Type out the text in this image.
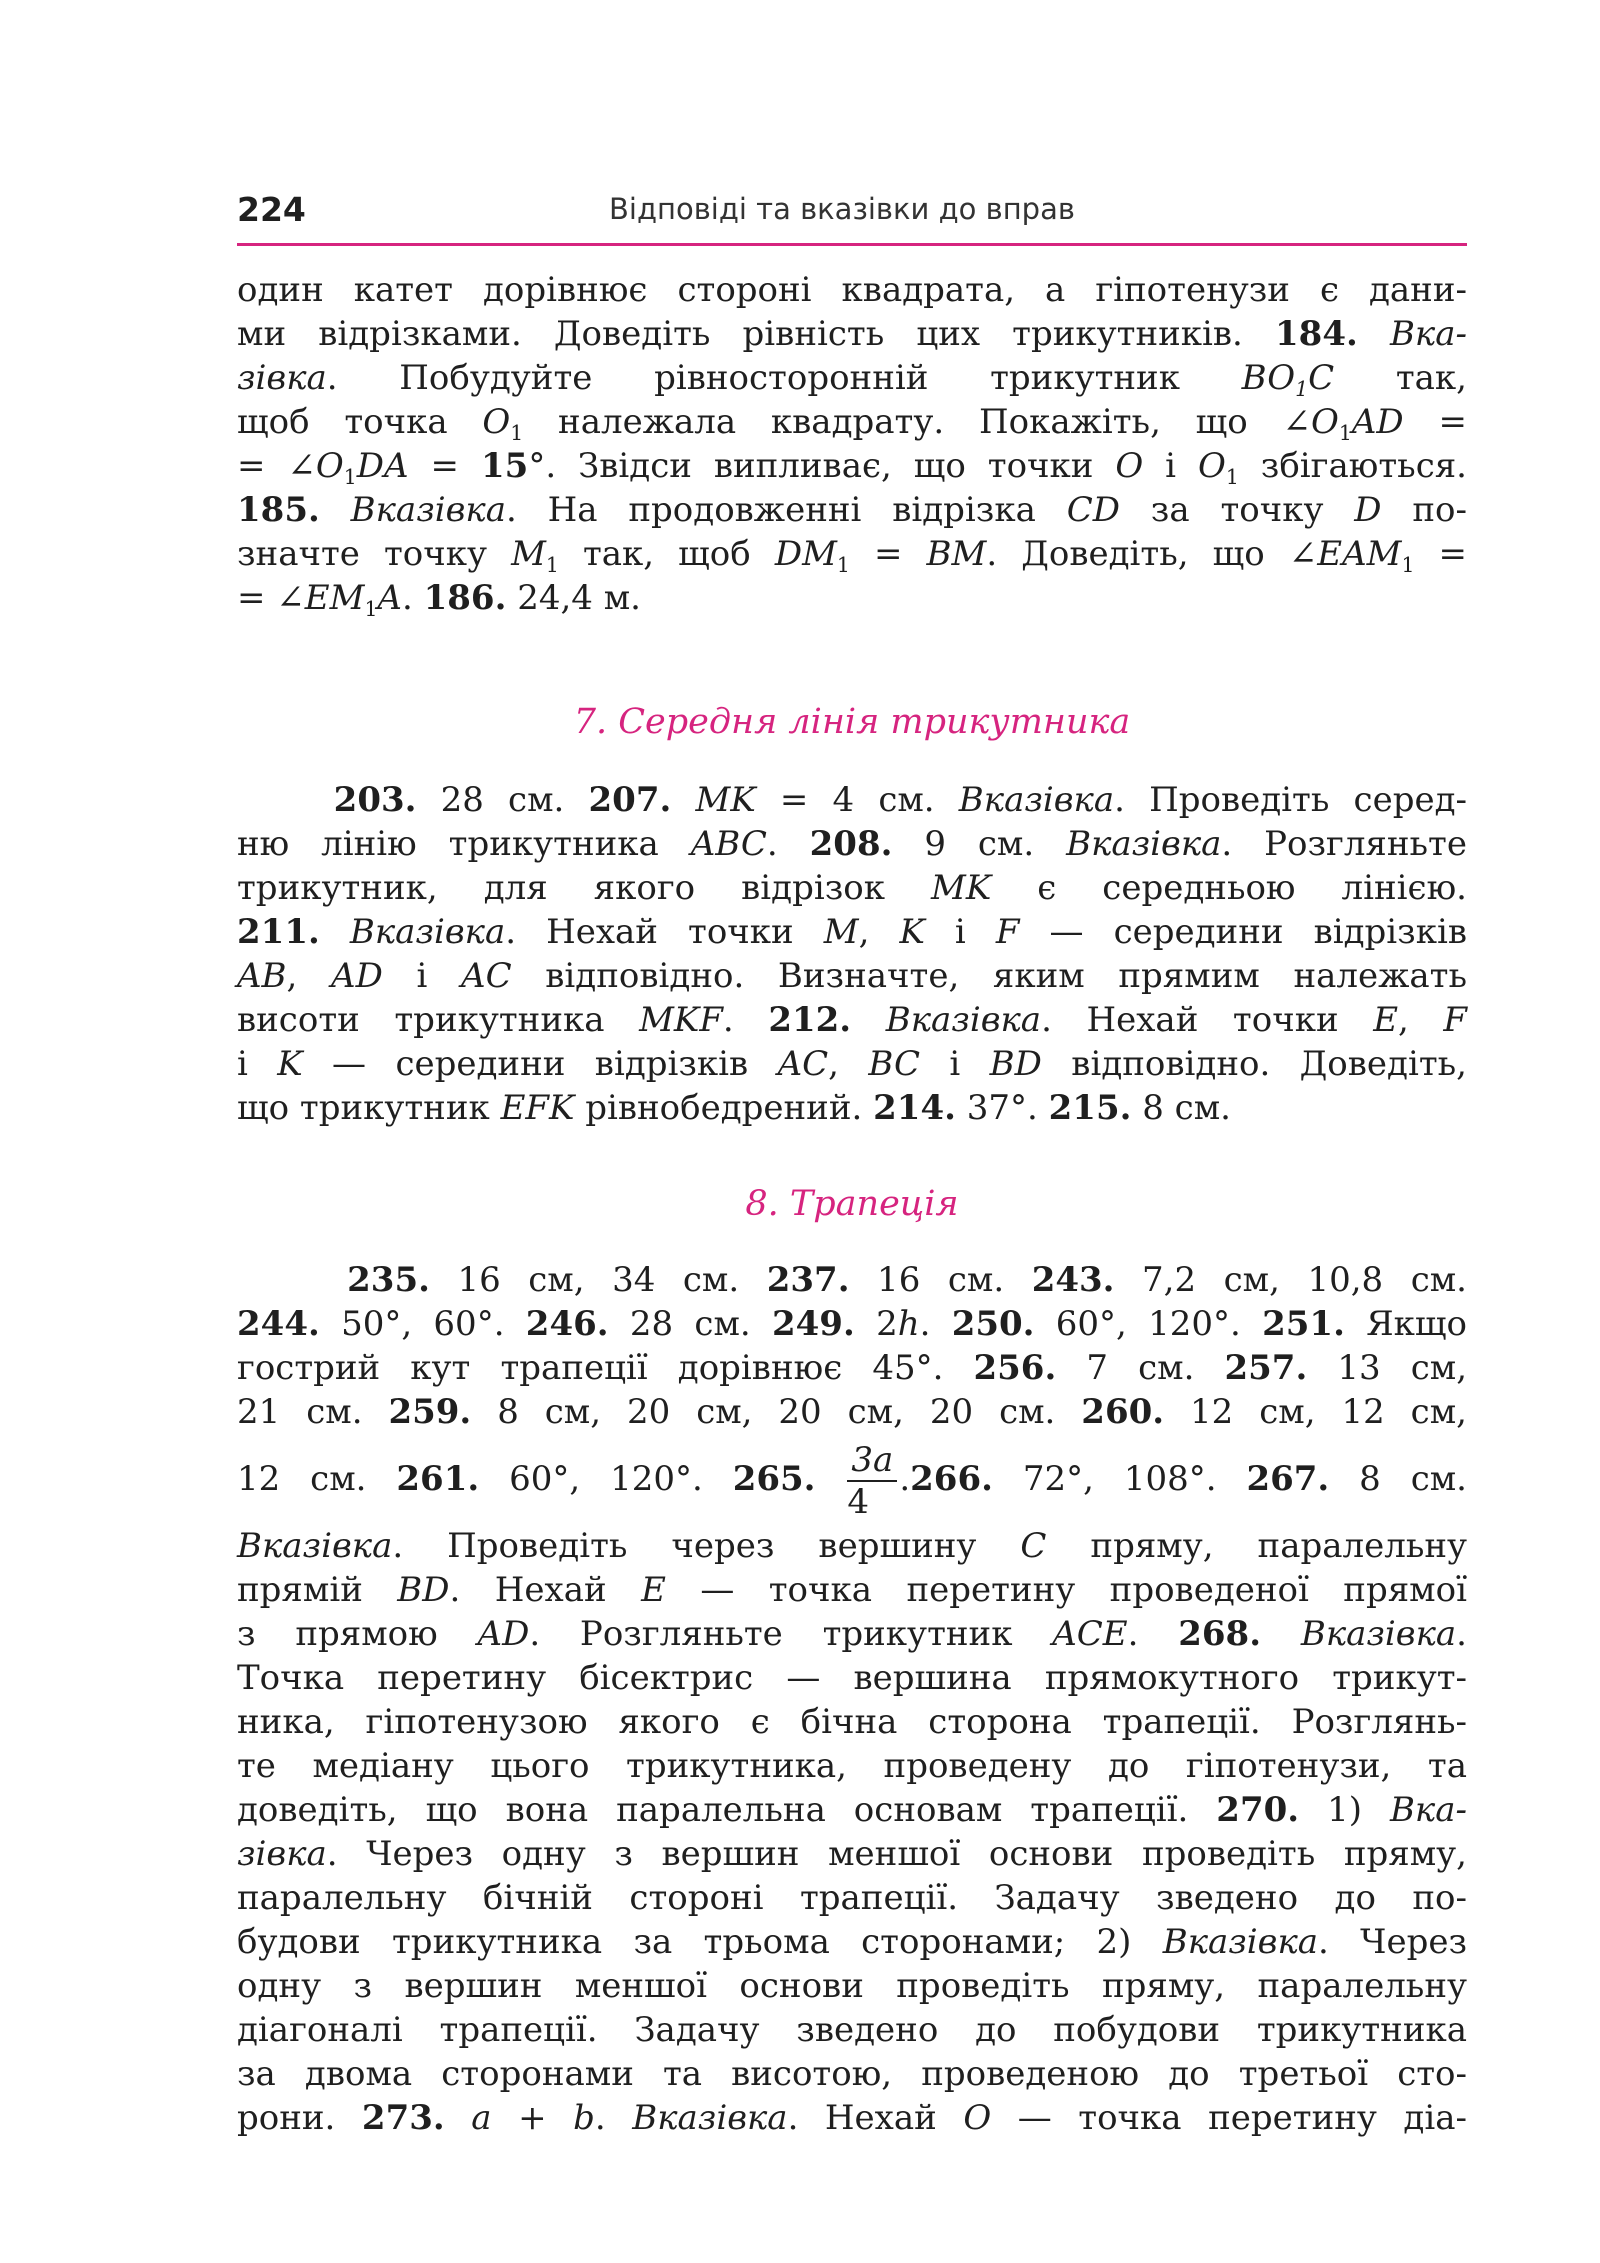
224	Відповіді та вказівки до вправ
один катет дорівнює стороні квадрата, а гіпотенузи є дани-
ми відрізками. Доведіть рівність цих трикутників. 184. Вка-
зівка. Побудуйте рівносторонній трикутник $BO_1C$ так,
щоб точка $O_1$ належала квадрату. Покажіть, що $\angle O_1AD$ =
= $\angle O_1DA = 15^\circ$. Звідси випливає, що точки O і $O_1$ збігаються.
185. Вказівка. На продовженні відрізка CD за точку D по-
значте точку $M_1$ так, щоб $DM_1$ = BM. Доведіть, що $\angle EAM_1$ =
= $\angle EM_1A$. 186. 24,4 м.
7. Середня лінія трикутника
203. 28 см. 207. MK = 4 см. Вказівка. Проведіть серед-
ню лінію трикутника ABC. 208. 9 см. Вказівка. Розгляньте
трикутник, для якого відрізок MK є середньою лінією.
211. Вказівка. Нехай точки M, K і F — середини відрізків
AB, AD і AC відповідно. Визначте, яким прямим належать
висоти трикутника MKF. 212. Вказівка. Нехай точки E, F
і K — середини відрізків AC, BC і BD відповідно. Доведіть,
що трикутник EFK рівнобедрений. 214. 37°. 215. 8 см.
8. Трапеція
235. 16 см, 34 см. 237. 16 см. 243. 7,2 см, 10,8 см.
244. 50°, 60°. 246. 28 см. 249. 2h. 250. 60°, 120°. 251. Якщо
гострий кут трапеції дорівнює 45°. 256. 7 см. 257. 13 см,
21 см. 259. 8 см, 20 см, 20 см, 20 см. 260. 12 см, 12 см,
12 см. 261. 60°, 120°. 265. $\frac{3a}{4} .266$. 72°, 108°. 267. 8 см.
Вказівка. Проведіть через вершину C пряму, паралельну
прямій BD. Нехай E — точка перетину проведеної прямої
з прямою AD. Розгляньте трикутник ACE. 268. Вказівка.
Точка перетину бісектрис — вершина прямокутного трикут-
ника, гіпотенузою якого є бічна сторона трапеції. Розглянь-
те медіану цього трикутника, проведену до гіпотенузи, та
доведіть, що вона паралельна основам трапеції. 270. 1) Вка-
зівка. Через одну з вершин меншої основи проведіть пряму,
паралельну бічній стороні трапеції. Задачу зведено до по-
будови трикутника за трьома сторонами; 2) Вказівка. Через
одну з вершин меншої основи проведіть пряму, паралельну
діагоналі трапеції. Задачу зведено до побудови трикутника
за двома сторонами та висотою, проведеною до третьої сто-
рони. 273. a + b. Вказівка. Нехай O — точка перетину діа-
